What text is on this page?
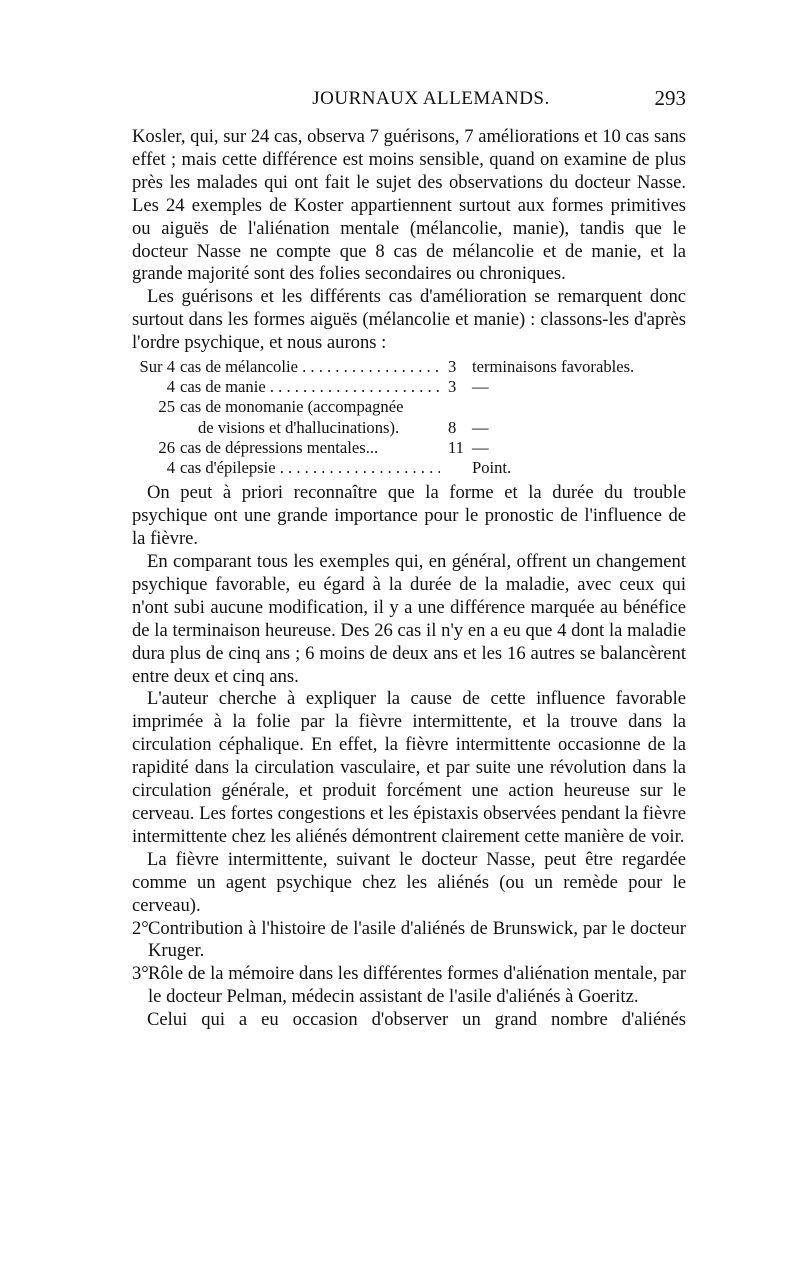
JOURNAUX ALLEMANDS.	293

Kosler, qui, sur 24 cas, observa 7 guérisons, 7 améliorations et 10 cas sans effet ; mais cette différence est moins sensible, quand on examine de plus près les malades qui ont fait le sujet des observations du docteur Nasse. Les 24 exemples de Koster appartiennent surtout aux formes primitives ou aiguës de l'aliénation mentale (mélancolie, manie), tandis que le docteur Nasse ne compte que 8 cas de mélancolie et de manie, et la grande majorité sont des folies secondaires ou chroniques.

Les guérisons et les différents cas d'amélioration se remarquent donc surtout dans les formes aiguës (mélancolie et manie) : classons-les d'après l'ordre psychique, et nous aurons :

Sur 4 cas de mélancolie . . .	3 terminaisons favorables.
4 cas de manie . . .	3 —
25 cas de monomanie (accompagnée
de visions et d'hallucinations).	8 —
26 cas de dépressions mentales...	11 —
4 cas d'épilepsie . . .	Point.

On peut à priori reconnaître que la forme et la durée du trouble psychique ont une grande importance pour le pronostic de l'influence de la fièvre.

En comparant tous les exemples qui, en général, offrent un changement psychique favorable, eu égard à la durée de la maladie, avec ceux qui n'ont subi aucune modification, il y a une différence marquée au bénéfice de la terminaison heureuse. Des 26 cas il n'y en a eu que 4 dont la maladie dura plus de cinq ans ; 6 moins de deux ans et les 16 autres se balancèrent entre deux et cinq ans.

L'auteur cherche à expliquer la cause de cette influence favorable imprimée à la folie par la fièvre intermittente, et la trouve dans la circulation céphalique. En effet, la fièvre intermittente occasionne de la rapidité dans la circulation vasculaire, et par suite une révolution dans la circulation générale, et produit forcément une action heureuse sur le cerveau. Les fortes congestions et les épistaxis observées pendant la fièvre intermittente chez les aliénés démontrent clairement cette manière de voir.

La fièvre intermittente, suivant le docteur Nasse, peut être regardée comme un agent psychique chez les aliénés (ou un remède pour le cerveau).

2° Contribution à l'histoire de l'asile d'aliénés de Brunswick, par le docteur Kruger.
3° Rôle de la mémoire dans les différentes formes d'aliénation mentale, par le docteur Pelman, médecin assistant de l'asile d'aliénés à Goeritz.

Celui qui a eu occasion d'observer un grand nombre d'aliénés
